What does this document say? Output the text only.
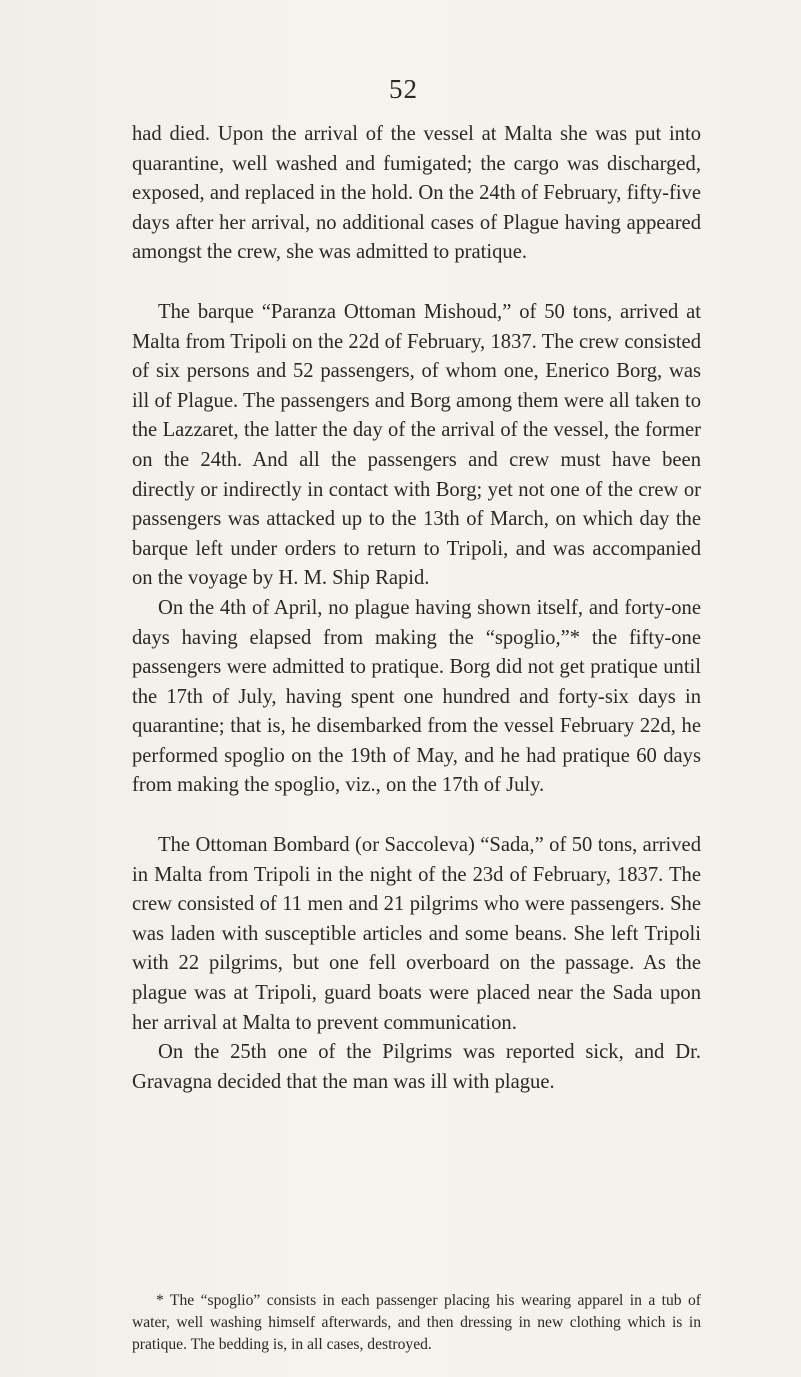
52

had died. Upon the arrival of the vessel at Malta she was put into quarantine, well washed and fumigated; the cargo was discharged, exposed, and replaced in the hold. On the 24th of February, fifty-five days after her arrival, no additional cases of Plague having appeared amongst the crew, she was admitted to pratique.

The barque “Paranza Ottoman Mishoud,” of 50 tons, arrived at Malta from Tripoli on the 22d of February, 1837. The crew consisted of six persons and 52 passengers, of whom one, Enerico Borg, was ill of Plague. The passengers and Borg among them were all taken to the Lazzaret, the latter the day of the arrival of the vessel, the former on the 24th. And all the passengers and crew must have been directly or indirectly in contact with Borg; yet not one of the crew or passengers was attacked up to the 13th of March, on which day the barque left under orders to return to Tripoli, and was accompanied on the voyage by H. M. Ship Rapid.

On the 4th of April, no plague having shown itself, and forty-one days having elapsed from making the “spoglio,”* the fifty-one passengers were admitted to pratique. Borg did not get pratique until the 17th of July, having spent one hundred and forty-six days in quarantine; that is, he disembarked from the vessel February 22d, he performed spoglio on the 19th of May, and he had pratique 60 days from making the spoglio, viz., on the 17th of July.

The Ottoman Bombard (or Saccoleva) “Sada,” of 50 tons, arrived in Malta from Tripoli in the night of the 23d of February, 1837. The crew consisted of 11 men and 21 pilgrims who were passengers. She was laden with susceptible articles and some beans. She left Tripoli with 22 pilgrims, but one fell overboard on the passage. As the plague was at Tripoli, guard boats were placed near the Sada upon her arrival at Malta to prevent communication.

On the 25th one of the Pilgrims was reported sick, and Dr. Gravagna decided that the man was ill with plague.

* The “spoglio” consists in each passenger placing his wearing apparel in a tub of water, well washing himself afterwards, and then dressing in new clothing which is in pratique. The bedding is, in all cases, destroyed.
